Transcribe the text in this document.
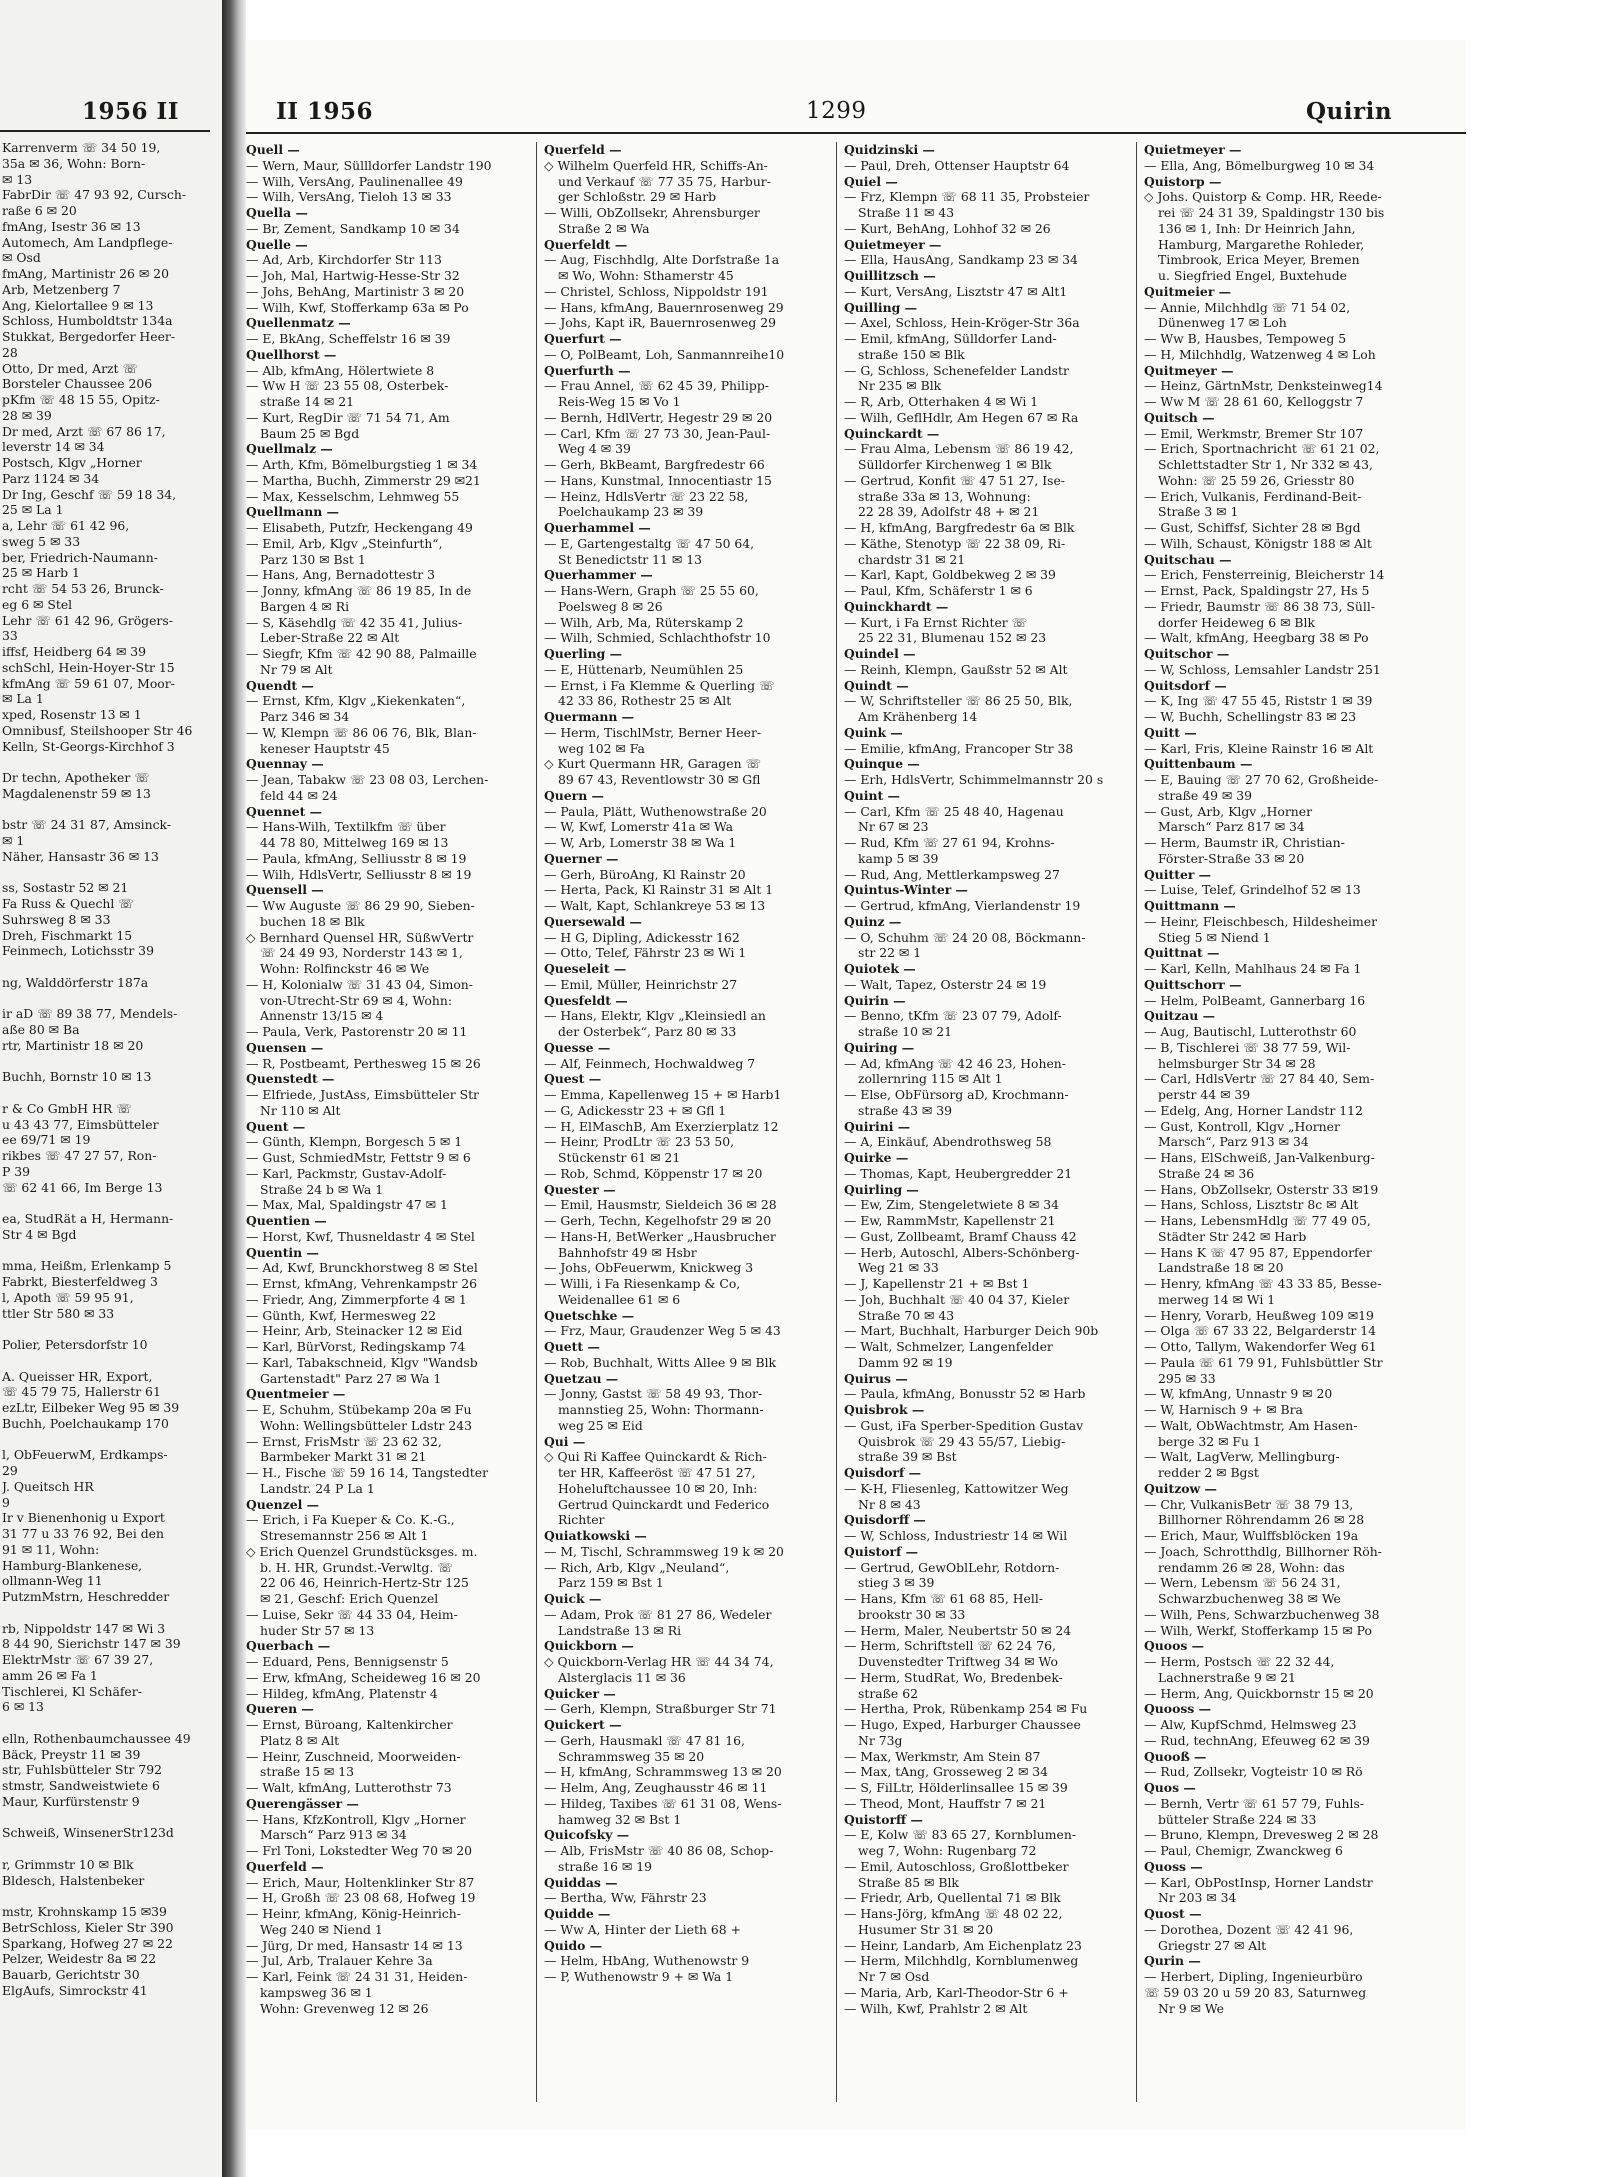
1956 II
Karrenverm ☏ 34 50 19,
35a ✉ 36, Wohn: Born-
✉ 13
FabrDir ☏ 47 93 92, Cursch-
raße 6 ✉ 20
fmAng, Isestr 36 ✉ 13
Automech, Am Landpflege-
✉ Osd
fmAng, Martinistr 26 ✉ 20
Arb, Metzenberg 7
Ang, Kielortallee 9 ✉ 13
Schloss, Humboldtstr 134a
Stukkat, Bergedorfer Heer-
28
Otto, Dr med, Arzt ☏
Borsteler Chaussee 206
pKfm ☏ 48 15 55, Opitz-
28 ✉ 39
Dr med, Arzt ☏ 67 86 17,
leverstr 14 ✉ 34
Postsch, Klgv „Horner
Parz 1124 ✉ 34
Dr Ing, Geschf ☏ 59 18 34,
25 ✉ La 1
a, Lehr ☏ 61 42 96,
sweg 5 ✉ 33
ber, Friedrich-Naumann-
25 ✉ Harb 1
rcht ☏ 54 53 26, Brunck-
eg 6 ✉ Stel
Lehr ☏ 61 42 96, Grögers-
33
iffsf, Heidberg 64 ✉ 39
schSchl, Hein-Hoyer-Str 15
kfmAng ☏ 59 61 07, Moor-
✉ La 1
xped, Rosenstr 13 ✉ 1
Omnibusf, Steilshooper Str 46
Kelln, St-Georgs-Kirchhof 3

Dr techn, Apotheker ☏
Magdalenenstr 59 ✉ 13

bstr ☏ 24 31 87, Amsinck-
✉ 1
Näher, Hansastr 36 ✉ 13

ss, Sostastr 52 ✉ 21
Fa Russ & Quechl ☏
Suhrsweg 8 ✉ 33
Dreh, Fischmarkt 15
Feinmech, Lotichsstr 39

ng, Walddörferstr 187a

ir aD ☏ 89 38 77, Mendels-
aße 80 ✉ Ba
rtr, Martinistr 18 ✉ 20

Buchh, Bornstr 10 ✉ 13

r & Co GmbH HR ☏
u 43 43 77, Eimsbütteler
ee 69/71 ✉ 19
rikbes ☏ 47 27 57, Ron-
P 39
☏ 62 41 66, Im Berge 13

ea, StudRät a H, Hermann-
Str 4 ✉ Bgd

mma, Heißm, Erlenkamp 5
Fabrkt, Biesterfeldweg 3
l, Apoth ☏ 59 95 91,
ttler Str 580 ✉ 33

Polier, Petersdorfstr 10

A. Queisser HR, Export,
☏ 45 79 75, Hallerstr 61
ezLtr, Eilbeker Weg 95 ✉ 39
Buchh, Poelchaukamp 170

l, ObFeuerwM, Erdkamps-
29
J. Queitsch HR
9
Ir v Bienenhonig u Export
31 77 u 33 76 92, Bei den
91 ✉ 11, Wohn:
Hamburg-Blankenese,
ollmann-Weg 11
PutzmMstrn, Heschredder

rb, Nippoldstr 147 ✉ Wi 3
8 44 90, Sierichstr 147 ✉ 39
ElektrMstr ☏ 67 39 27,
amm 26 ✉ Fa 1
Tischlerei, Kl Schäfer-
6 ✉ 13

elln, Rothenbaumchaussee 49
Bäck, Preystr 11 ✉ 39
str, Fuhlsbütteler Str 792
stmstr, Sandweistwiete 6
Maur, Kurfürstenstr 9

Schweiß, WinsenerStr123d

r, Grimmstr 10 ✉ Blk
Bldesch, Halstenbeker

mstr, Krohnskamp 15 ✉39
BetrSchloss, Kieler Str 390
Sparkang, Hofweg 27 ✉ 22
Pelzer, Weidestr 8a ✉ 22
Bauarb, Gerichtstr 30
ElgAufs, Simrockstr 41
II 1956	1299	Quirin
Quell —
— Wern, Maur, Süllldorfer Landstr 190
— Wilh, VersAng, Paulinenallee 49
— Wilh, VersAng, Tieloh 13 ✉ 33
Quella —
— Br, Zement, Sandkamp 10 ✉ 34
Quelle —
— Ad, Arb, Kirchdorfer Str 113
— Joh, Mal, Hartwig-Hesse-Str 32
— Johs, BehAng, Martinistr 3 ✉ 20
— Wilh, Kwf, Stofferkamp 63a ✉ Po
Quellenmatz —
— E, BkAng, Scheffelstr 16 ✉ 39
Quellhorst —
— Alb, kfmAng, Hölertwiete 8
— Ww H ☏ 23 55 08, Osterbek-
straße 14 ✉ 21
— Kurt, RegDir ☏ 71 54 71, Am
Baum 25 ✉ Bgd
Quellmalz —
— Arth, Kfm, Bömelburgstieg 1 ✉ 34
— Martha, Buchh, Zimmerstr 29 ✉21
— Max, Kesselschm, Lehmweg 55
Quellmann —
— Elisabeth, Putzfr, Heckengang 49
— Emil, Arb, Klgv „Steinfurth“,
Parz 130 ✉ Bst 1
— Hans, Ang, Bernadottestr 3
— Jonny, kfmAng ☏ 86 19 85, In de
Bargen 4 ✉ Ri
— S, Käsehdlg ☏ 42 35 41, Julius-
Leber-Straße 22 ✉ Alt
— Siegfr, Kfm ☏ 42 90 88, Palmaille
Nr 79 ✉ Alt
Quendt —
— Ernst, Kfm, Klgv „Kiekenkaten“,
Parz 346 ✉ 34
— W, Klempn ☏ 86 06 76, Blk, Blan-
keneser Hauptstr 45
Quennay —
— Jean, Tabakw ☏ 23 08 03, Lerchen-
feld 44 ✉ 24
Quennet —
— Hans-Wilh, Textilkfm ☏ über
44 78 80, Mittelweg 169 ✉ 13
— Paula, kfmAng, Selliusstr 8 ✉ 19
— Wilh, HdlsVertr, Selliusstr 8 ✉ 19
Quensell —
— Ww Auguste ☏ 86 29 90, Sieben-
buchen 18 ✉ Blk
◇ Bernhard Quensel HR, SüßwVertr
☏ 24 49 93, Norderstr 143 ✉ 1,
Wohn: Rolfinckstr 46 ✉ We
— H, Kolonialw ☏ 31 43 04, Simon-
von-Utrecht-Str 69 ✉ 4, Wohn:
Annenstr 13/15 ✉ 4
— Paula, Verk, Pastorenstr 20 ✉ 11
Quensen —
— R, Postbeamt, Perthesweg 15 ✉ 26
Quenstedt —
— Elfriede, JustAss, Eimsbütteler Str
Nr 110 ✉ Alt
Quent —
— Günth, Klempn, Borgesch 5 ✉ 1
— Gust, SchmiedMstr, Fettstr 9 ✉ 6
— Karl, Packmstr, Gustav-Adolf-
Straße 24 b ✉ Wa 1
— Max, Mal, Spaldingstr 47 ✉ 1
Quentien —
— Horst, Kwf, Thusneldastr 4 ✉ Stel
Quentin —
— Ad, Kwf, Brunckhorstweg 8 ✉ Stel
— Ernst, kfmAng, Vehrenkampstr 26
— Friedr, Ang, Zimmerpforte 4 ✉ 1
— Günth, Kwf, Hermesweg 22
— Heinr, Arb, Steinacker 12 ✉ Eid
— Karl, BürVorst, Redingskamp 74
— Karl, Tabakschneid, Klgv "Wandsb
Gartenstadt" Parz 27 ✉ Wa 1
Quentmeier —
— E, Schuhm, Stübekamp 20a ✉ Fu
Wohn: Wellingsbütteler Ldstr 243
— Ernst, FrisMstr ☏ 23 62 32,
Barmbeker Markt 31 ✉ 21
— H., Fische ☏ 59 16 14, Tangstedter
Landstr. 24 P La 1
Quenzel —
— Erich, i Fa Kueper & Co. K.-G.,
Stresemannstr 256 ✉ Alt 1
◇ Erich Quenzel Grundstücksges. m.
b. H. HR, Grundst.-Verwltg. ☏
22 06 46, Heinrich-Hertz-Str 125
✉ 21, Geschf: Erich Quenzel
— Luise, Sekr ☏ 44 33 04, Heim-
huder Str 57 ✉ 13
Querbach —
— Eduard, Pens, Bennigsenstr 5
— Erw, kfmAng, Scheideweg 16 ✉ 20
— Hildeg, kfmAng, Platenstr 4
Queren —
— Ernst, Büroang, Kaltenkircher
Platz 8 ✉ Alt
— Heinr, Zuschneid, Moorweiden-
straße 15 ✉ 13
— Walt, kfmAng, Lutterothstr 73
Querengässer —
— Hans, KfzKontroll, Klgv „Horner
Marsch“ Parz 913 ✉ 34
— Frl Toni, Lokstedter Weg 70 ✉ 20
Querfeld —
— Erich, Maur, Holtenklinker Str 87
— H, Großh ☏ 23 08 68, Hofweg 19
— Heinr, kfmAng, König-Heinrich-
Weg 240 ✉ Niend 1
— Jürg, Dr med, Hansastr 14 ✉ 13
— Jul, Arb, Tralauer Kehre 3a
— Karl, Feink ☏ 24 31 31, Heiden-
kampsweg 36 ✉ 1
Wohn: Grevenweg 12 ✉ 26
Querfeld —
◇ Wilhelm Querfeld HR, Schiffs-An-
und Verkauf ☏ 77 35 75, Harbur-
ger Schloßstr. 29 ✉ Harb
— Willi, ObZollsekr, Ahrensburger
Straße 2 ✉ Wa
Querfeldt —
— Aug, Fischhdlg, Alte Dorfstraße 1a
✉ Wo, Wohn: Sthamerstr 45
— Christel, Schloss, Nippoldstr 191
— Hans, kfmAng, Bauernrosenweg 29
— Johs, Kapt iR, Bauernrosenweg 29
Querfurt —
— O, PolBeamt, Loh, Sanmannreihe10
Querfurth —
— Frau Annel, ☏ 62 45 39, Philipp-
Reis-Weg 15 ✉ Vo 1
— Bernh, HdlVertr, Hegestr 29 ✉ 20
— Carl, Kfm ☏ 27 73 30, Jean-Paul-
Weg 4 ✉ 39
— Gerh, BkBeamt, Bargfredestr 66
— Hans, Kunstmal, Innocentiastr 15
— Heinz, HdlsVertr ☏ 23 22 58,
Poelchaukamp 23 ✉ 39
Querhammel —
— E, Gartengestaltg ☏ 47 50 64,
St Benedictstr 11 ✉ 13
Querhammer —
— Hans-Wern, Graph ☏ 25 55 60,
Poelsweg 8 ✉ 26
— Wilh, Arb, Ma, Rüterskamp 2
— Wilh, Schmied, Schlachthofstr 10
Querling —
— E, Hüttenarb, Neumühlen 25
— Ernst, i Fa Klemme & Querling ☏
42 33 86, Rothestr 25 ✉ Alt
Quermann —
— Herm, TischlMstr, Berner Heer-
weg 102 ✉ Fa
◇ Kurt Quermann HR, Garagen ☏
89 67 43, Reventlowstr 30 ✉ Gfl
Quern —
— Paula, Plätt, Wuthenowstraße 20
— W, Kwf, Lomerstr 41a ✉ Wa
— W, Arb, Lomerstr 38 ✉ Wa 1
Querner —
— Gerh, BüroAng, Kl Rainstr 20
— Herta, Pack, Kl Rainstr 31 ✉ Alt 1
— Walt, Kapt, Schlankreye 53 ✉ 13
Quersewald —
— H G, Dipling, Adickesstr 162
— Otto, Telef, Fährstr 23 ✉ Wi 1
Queseleit —
— Emil, Müller, Heinrichstr 27
Quesfeldt —
— Hans, Elektr, Klgv „Kleinsiedl an
der Osterbek“, Parz 80 ✉ 33
Quesse —
— Alf, Feinmech, Hochwaldweg 7
Quest —
— Emma, Kapellenweg 15 + ✉ Harb1
— G, Adickesstr 23 + ✉ Gfl 1
— H, ElMaschB, Am Exerzierplatz 12
— Heinr, ProdLtr ☏ 23 53 50,
Stückenstr 61 ✉ 21
— Rob, Schmd, Köppenstr 17 ✉ 20
Quester —
— Emil, Hausmstr, Sieldeich 36 ✉ 28
— Gerh, Techn, Kegelhofstr 29 ✉ 20
— Hans-H, BetWerker „Hausbrucher
Bahnhofstr 49 ✉ Hsbr
— Johs, ObFeuerwm, Knickweg 3
— Willi, i Fa Riesenkamp & Co,
Weidenallee 61 ✉ 6
Quetschke —
— Frz, Maur, Graudenzer Weg 5 ✉ 43
Quett —
— Rob, Buchhalt, Witts Allee 9 ✉ Blk
Quetzau —
— Jonny, Gastst ☏ 58 49 93, Thor-
mannstieg 25, Wohn: Thormann-
weg 25 ✉ Eid
Qui —
◇ Qui Ri Kaffee Quinckardt & Rich-
ter HR, Kaffeeröst ☏ 47 51 27,
Hoheluftchaussee 10 ✉ 20, Inh:
Gertrud Quinckardt und Federico
Richter
Quiatkowski —
— M, Tischl, Schrammsweg 19 k ✉ 20
— Rich, Arb, Klgv „Neuland“,
Parz 159 ✉ Bst 1
Quick —
— Adam, Prok ☏ 81 27 86, Wedeler
Landstraße 13 ✉ Ri
Quickborn —
◇ Quickborn-Verlag HR ☏ 44 34 74,
Alsterglacis 11 ✉ 36
Quicker —
— Gerh, Klempn, Straßburger Str 71
Quickert —
— Gerh, Hausmakl ☏ 47 81 16,
Schrammsweg 35 ✉ 20
— H, kfmAng, Schrammsweg 13 ✉ 20
— Helm, Ang, Zeughausstr 46 ✉ 11
— Hildeg, Taxibes ☏ 61 31 08, Wens-
hamweg 32 ✉ Bst 1
Quicofsky —
— Alb, FrisMstr ☏ 40 86 08, Schop-
straße 16 ✉ 19
Quiddas —
— Bertha, Ww, Fährstr 23
Quidde —
— Ww A, Hinter der Lieth 68 +
Quido —
— Helm, HbAng, Wuthenowstr 9
— P, Wuthenowstr 9 + ✉ Wa 1
Quidzinski —
— Paul, Dreh, Ottenser Hauptstr 64
Quiel —
— Frz, Klempn ☏ 68 11 35, Probsteier
Straße 11 ✉ 43
— Kurt, BehAng, Lohhof 32 ✉ 26
Quietmeyer —
— Ella, HausAng, Sandkamp 23 ✉ 34
Quillitzsch —
— Kurt, VersAng, Lisztstr 47 ✉ Alt1
Quilling —
— Axel, Schloss, Hein-Kröger-Str 36a
— Emil, kfmAng, Sülldorfer Land-
straße 150 ✉ Blk
— G, Schloss, Schenefelder Landstr
Nr 235 ✉ Blk
— R, Arb, Otterhaken 4 ✉ Wi 1
— Wilh, GeflHdlr, Am Hegen 67 ✉ Ra
Quinckardt —
— Frau Alma, Lebensm ☏ 86 19 42,
Sülldorfer Kirchenweg 1 ✉ Blk
— Gertrud, Konfit ☏ 47 51 27, Ise-
straße 33a ✉ 13, Wohnung:
22 28 39, Adolfstr 48 + ✉ 21
— H, kfmAng, Bargfredestr 6a ✉ Blk
— Käthe, Stenotyp ☏ 22 38 09, Ri-
chardstr 31 ✉ 21
— Karl, Kapt, Goldbekweg 2 ✉ 39
— Paul, Kfm, Schäferstr 1 ✉ 6
Quinckhardt —
— Kurt, i Fa Ernst Richter ☏
25 22 31, Blumenau 152 ✉ 23
Quindel —
— Reinh, Klempn, Gaußstr 52 ✉ Alt
Quindt —
— W, Schriftsteller ☏ 86 25 50, Blk,
Am Krähenberg 14
Quink —
— Emilie, kfmAng, Francoper Str 38
Quinque —
— Erh, HdlsVertr, Schimmelmannstr 20 s
Quint —
— Carl, Kfm ☏ 25 48 40, Hagenau
Nr 67 ✉ 23
— Rud, Kfm ☏ 27 61 94, Krohns-
kamp 5 ✉ 39
— Rud, Ang, Mettlerkampsweg 27
Quintus-Winter —
— Gertrud, kfmAng, Vierlandenstr 19
Quinz —
— O, Schuhm ☏ 24 20 08, Böckmann-
str 22 ✉ 1
Quiotek —
— Walt, Tapez, Osterstr 24 ✉ 19
Quirin —
— Benno, tKfm ☏ 23 07 79, Adolf-
straße 10 ✉ 21
Quiring —
— Ad, kfmAng ☏ 42 46 23, Hohen-
zollernring 115 ✉ Alt 1
— Else, ObFürsorg aD, Krochmann-
straße 43 ✉ 39
Quirini —
— A, Einkäuf, Abendrothsweg 58
Quirke —
— Thomas, Kapt, Heubergredder 21
Quirling —
— Ew, Zim, Stengeletwiete 8 ✉ 34
— Ew, RammMstr, Kapellenstr 21
— Gust, Zollbeamt, Bramf Chauss 42
— Herb, Autoschl, Albers-Schönberg-
Weg 21 ✉ 33
— J, Kapellenstr 21 + ✉ Bst 1
— Joh, Buchhalt ☏ 40 04 37, Kieler
Straße 70 ✉ 43
— Mart, Buchhalt, Harburger Deich 90b
— Walt, Schmelzer, Langenfelder
Damm 92 ✉ 19
Quirus —
— Paula, kfmAng, Bonusstr 52 ✉ Harb
Quisbrok —
— Gust, iFa Sperber-Spedition Gustav
Quisbrok ☏ 29 43 55/57, Liebig-
straße 39 ✉ Bst
Quisdorf —
— K-H, Fliesenleg, Kattowitzer Weg
Nr 8 ✉ 43
Quisdorff —
— W, Schloss, Industriestr 14 ✉ Wil
Quistorf —
— Gertrud, GewOblLehr, Rotdorn-
stieg 3 ✉ 39
— Hans, Kfm ☏ 61 68 85, Hell-
brookstr 30 ✉ 33
— Herm, Maler, Neubertstr 50 ✉ 24
— Herm, Schriftstell ☏ 62 24 76,
Duvenstedter Triftweg 34 ✉ Wo
— Herm, StudRat, Wo, Bredenbek-
straße 62
— Hertha, Prok, Rübenkamp 254 ✉ Fu
— Hugo, Exped, Harburger Chaussee
Nr 73g
— Max, Werkmstr, Am Stein 87
— Max, tAng, Grosseweg 2 ✉ 34
— S, FilLtr, Hölderlinsallee 15 ✉ 39
— Theod, Mont, Hauffstr 7 ✉ 21
Quistorff —
— E, Kolw ☏ 83 65 27, Kornblumen-
weg 7, Wohn: Rugenbarg 72
— Emil, Autoschloss, Großlottbeker
Straße 85 ✉ Blk
— Friedr, Arb, Quellental 71 ✉ Blk
— Hans-Jörg, kfmAng ☏ 48 02 22,
Husumer Str 31 ✉ 20
— Heinr, Landarb, Am Eichenplatz 23
— Herm, Milchhdlg, Kornblumenweg
Nr 7 ✉ Osd
— Maria, Arb, Karl-Theodor-Str 6 +
— Wilh, Kwf, Prahlstr 2 ✉ Alt
Quietmeyer —
— Ella, Ang, Bömelburgweg 10 ✉ 34
Quistorp —
◇ Johs. Quistorp & Comp. HR, Reede-
rei ☏ 24 31 39, Spaldingstr 130 bis
136 ✉ 1, Inh: Dr Heinrich Jahn,
Hamburg, Margarethe Rohleder,
Timbrook, Erica Meyer, Bremen
u. Siegfried Engel, Buxtehude
Quitmeier —
— Annie, Milchhdlg ☏ 71 54 02,
Dünenweg 17 ✉ Loh
— Ww B, Hausbes, Tempoweg 5
— H, Milchhdlg, Watzenweg 4 ✉ Loh
Quitmeyer —
— Heinz, GärtnMstr, Denksteinweg14
— Ww M ☏ 28 61 60, Kelloggstr 7
Quitsch —
— Emil, Werkmstr, Bremer Str 107
— Erich, Sportnachricht ☏ 61 21 02,
Schlettstadter Str 1, Nr 332 ✉ 43,
Wohn: ☏ 25 59 26, Griesstr 80
— Erich, Vulkanis, Ferdinand-Beit-
Straße 3 ✉ 1
— Gust, Schiffsf, Sichter 28 ✉ Bgd
— Wilh, Schaust, Königstr 188 ✉ Alt
Quitschau —
— Erich, Fensterreinig, Bleicherstr 14
— Ernst, Pack, Spaldingstr 27, Hs 5
— Friedr, Baumstr ☏ 86 38 73, Süll-
dorfer Heideweg 6 ✉ Blk
— Walt, kfmAng, Heegbarg 38 ✉ Po
Quitschor —
— W, Schloss, Lemsahler Landstr 251
Quitsdorf —
— K, Ing ☏ 47 55 45, Riststr 1 ✉ 39
— W, Buchh, Schellingstr 83 ✉ 23
Quitt —
— Karl, Fris, Kleine Rainstr 16 ✉ Alt
Quittenbaum —
— E, Bauing ☏ 27 70 62, Großheide-
straße 49 ✉ 39
— Gust, Arb, Klgv „Horner
Marsch“ Parz 817 ✉ 34
— Herm, Baumstr iR, Christian-
Förster-Straße 33 ✉ 20
Quitter —
— Luise, Telef, Grindelhof 52 ✉ 13
Quittmann —
— Heinr, Fleischbesch, Hildesheimer
Stieg 5 ✉ Niend 1
Quittnat —
— Karl, Kelln, Mahlhaus 24 ✉ Fa 1
Quittschorr —
— Helm, PolBeamt, Gannerbarg 16
Quitzau —
— Aug, Bautischl, Lutterothstr 60
— B, Tischlerei ☏ 38 77 59, Wil-
helmsburger Str 34 ✉ 28
— Carl, HdlsVertr ☏ 27 84 40, Sem-
perstr 44 ✉ 39
— Edelg, Ang, Horner Landstr 112
— Gust, Kontroll, Klgv „Horner
Marsch“, Parz 913 ✉ 34
— Hans, ElSchweiß, Jan-Valkenburg-
Straße 24 ✉ 36
— Hans, ObZollsekr, Osterstr 33 ✉19
— Hans, Schloss, Lisztstr 8c ✉ Alt
— Hans, LebensmHdlg ☏ 77 49 05,
Städter Str 242 ✉ Harb
— Hans K ☏ 47 95 87, Eppendorfer
Landstraße 18 ✉ 20
— Henry, kfmAng ☏ 43 33 85, Besse-
merweg 14 ✉ Wi 1
— Henry, Vorarb, Heußweg 109 ✉19
— Olga ☏ 67 33 22, Belgarderstr 14
— Otto, Tallym, Wakendorfer Weg 61
— Paula ☏ 61 79 91, Fuhlsbüttler Str
295 ✉ 33
— W, kfmAng, Unnastr 9 ✉ 20
— W, Harnisch 9 + ✉ Bra
— Walt, ObWachtmstr, Am Hasen-
berge 32 ✉ Fu 1
— Walt, LagVerw, Mellingburg-
redder 2 ✉ Bgst
Quitzow —
— Chr, VulkanisBetr ☏ 38 79 13,
Billhorner Röhrendamm 26 ✉ 28
— Erich, Maur, Wulffsblöcken 19a
— Joach, Schrotthdlg, Billhorner Röh-
rendamm 26 ✉ 28, Wohn: das
— Wern, Lebensm ☏ 56 24 31,
Schwarzbuchenweg 38 ✉ We
— Wilh, Pens, Schwarzbuchenweg 38
— Wilh, Werkf, Stofferkamp 15 ✉ Po
Quoos —
— Herm, Postsch ☏ 22 32 44,
Lachnerstraße 9 ✉ 21
— Herm, Ang, Quickbornstr 15 ✉ 20
Quooss —
— Alw, KupfSchmd, Helmsweg 23
— Rud, technAng, Efeuweg 62 ✉ 39
Quooß —
— Rud, Zollsekr, Vogteistr 10 ✉ Rö
Quos —
— Bernh, Vertr ☏ 61 57 79, Fuhls-
bütteler Straße 224 ✉ 33
— Bruno, Klempn, Drevesweg 2 ✉ 28
— Paul, Chemigr, Zwanckweg 6
Quoss —
— Karl, ObPostInsp, Horner Landstr
Nr 203 ✉ 34
Quost —
— Dorothea, Dozent ☏ 42 41 96,
Griegstr 27 ✉ Alt
Qurin —
— Herbert, Dipling, Ingenieurbüro
☏ 59 03 20 u 59 20 83, Saturnweg
Nr 9 ✉ We
